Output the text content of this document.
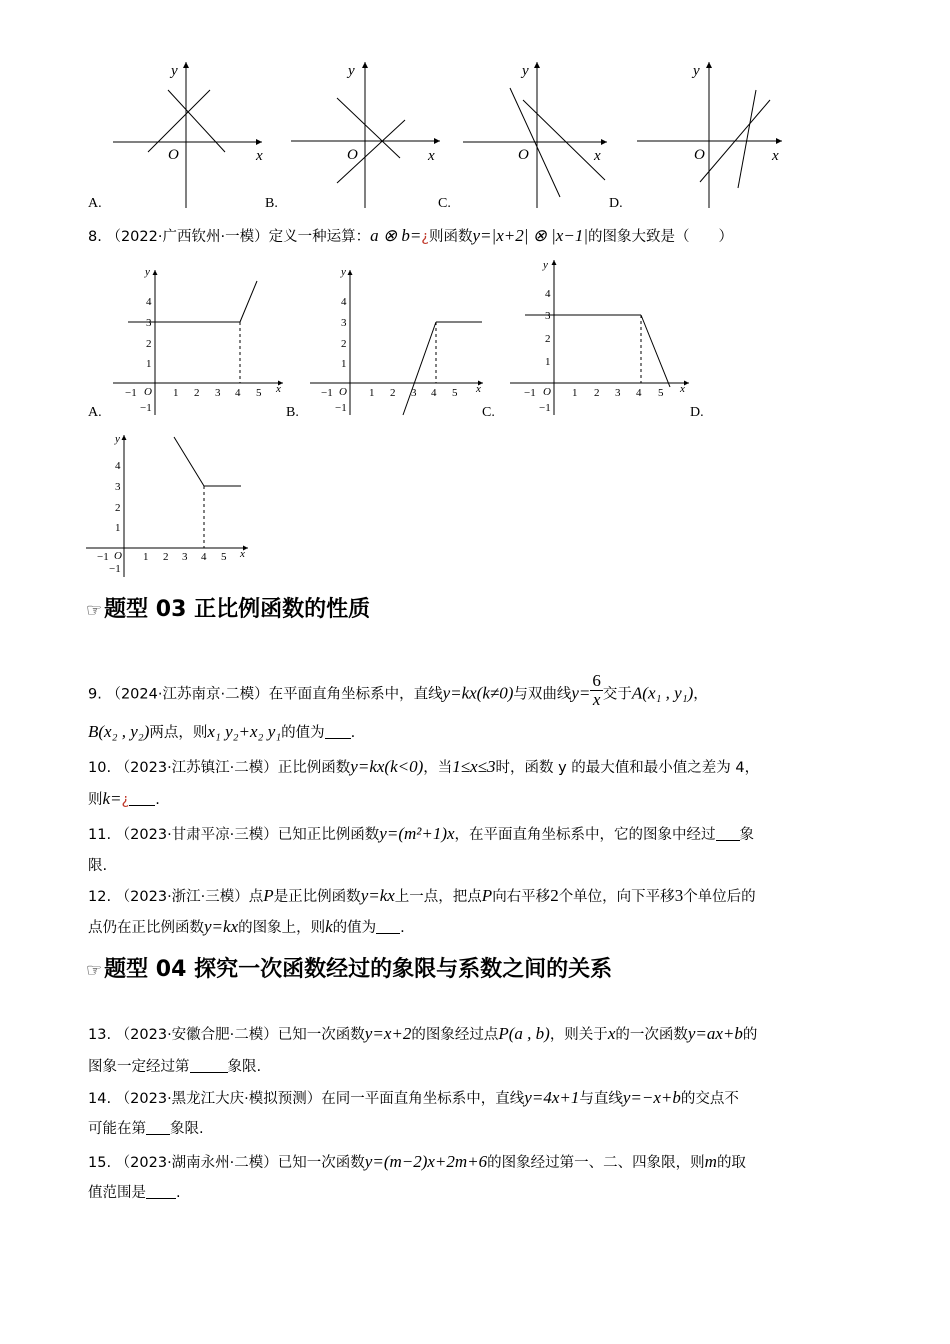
y
O	x
y
O	x
y
O	x
y
O	x
A.	B.	C.	D.
8. （2022·广西钦州·一模）定义一种运算：a ⊗ b=¿则函数y=|x+2| ⊗ |x−1|的图象大致是（　　）
y
x
O
−1	1 2 3 4 5
4
3
2
1
−1
y
x
O
−1	1 2 3 4 5
4
3
2
1
−1
y
x
O
−1	1 2 3 4 5
4
3
2
1
−1
y
x
O
−1	1 2 3 4 5
4
3
2
1
−1
A.	B.	C.	D.
☞题型 03 正比例函数的性质
9. （2024·江苏南京·二模）在平面直角坐标系中，直线y=kx(k≠0)与双曲线$y= \frac{6}{x}$ 交于A(x₁ , y₁)，
B(x₂ , y₂)两点，则x₁ y₂+x₂ y₁的值为 .
10. （2023·江苏镇江·二模）正比例函数y=kx(k<0)，当1≤x≤3时，函数 y 的最大值和最小值之差为 4，
则k=¿ .
11. （2023·甘肃平凉·三模）已知正比例函数y=(m²+1)x，在平面直角坐标系中，它的图象中经过 象
限.
12. （2023·浙江·三模）点P是正比例函数y=kx上一点，把点P向右平移2个单位，向下平移3个单位后的
点仍在正比例函数y=kx的图象上，则k的值为 .
☞题型 04 探究一次函数经过的象限与系数之间的关系
13. （2023·安徽合肥·二模）已知一次函数y=x+2的图象经过点P(a , b)，则关于x的一次函数y=ax+b的
图象一定经过第	象限.
14. （2023·黑龙江大庆·模拟预测）在同一平面直角坐标系中，直线y=4x+1与直线y=−x+b的交点不
可能在第 象限.
15. （2023·湖南永州·二模）已知一次函数y=(m−2)x+2m+6的图象经过第一、二、四象限，则m的取
值范围是 .
